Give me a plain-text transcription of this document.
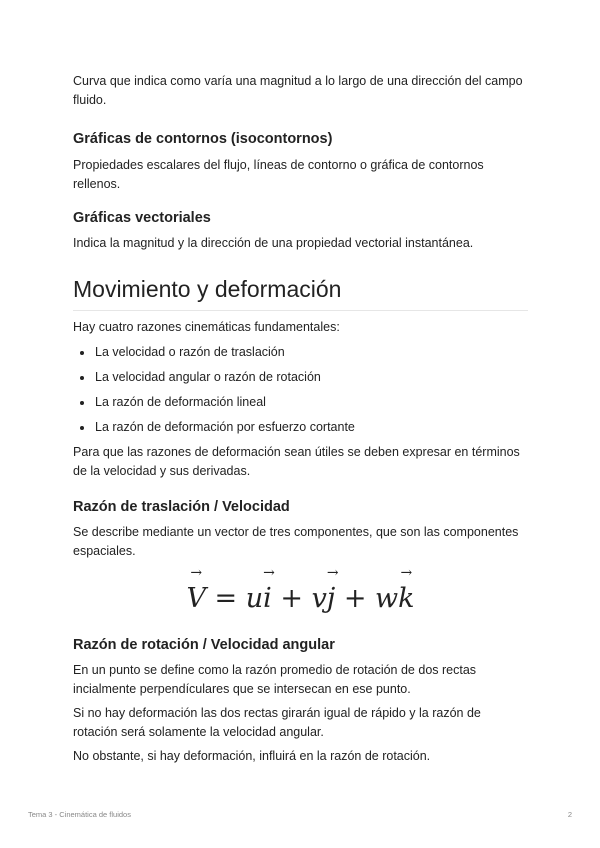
Curva que indica como varía una magnitud a lo largo de una dirección del campo fluido.

Gráficas de contornos (isocontornos)

Propiedades escalares del flujo, líneas de contorno o gráfica de contornos rellenos.

Gráficas vectoriales

Indica la magnitud y la dirección de una propiedad vectorial instantánea.

Movimiento y deformación

Hay cuatro razones cinemáticas fundamentales:

La velocidad o razón de traslación
La velocidad angular o razón de rotación
La razón de deformación lineal
La razón de deformación por esfuerzo cortante

Para que las razones de deformación sean útiles se deben expresar en términos de la velocidad y sus derivadas.

Razón de traslación / Velocidad

Se describe mediante un vector de tres componentes, que son las componentes espaciales.

→
V = u
→
i + v
→
j + w
→
k
Razón de rotación / Velocidad angular

En un punto se define como la razón promedio de rotación de dos rectas incialmente perpendículares que se intersecan en ese punto.

Si no hay deformación las dos rectas girarán igual de rápido y la razón de rotación será solamente la velocidad angular.

No obstante, si hay deformación, influirá en la razón de rotación.

Tema 3 - Cinemática de fluidos	2
